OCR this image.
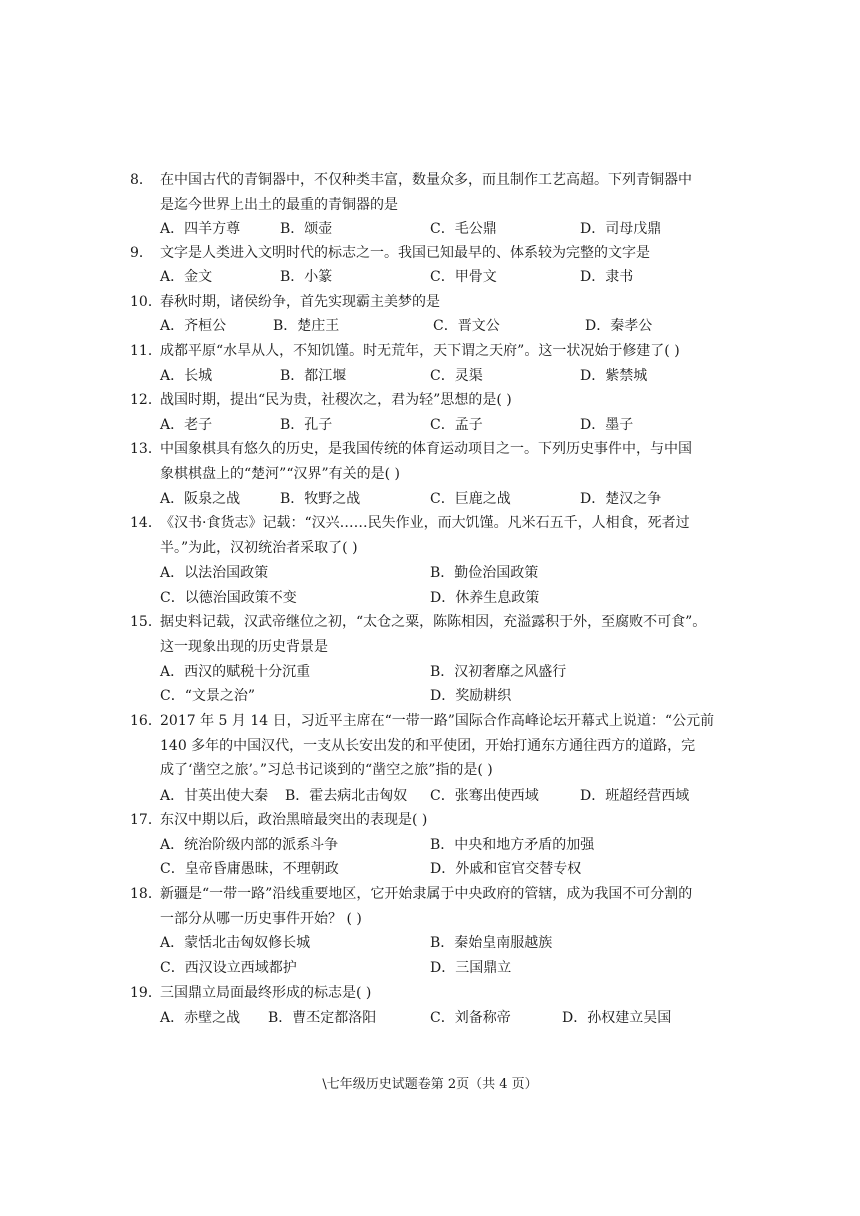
8． 在中国古代的青铜器中，不仅种类丰富，数量众多，而且制作工艺高超。下列青铜器中
是迄今世界上出土的最重的青铜器的是
A．四羊方尊	B．颂壶	C．毛公鼎	D．司母戊鼎
9． 文字是人类进入文明时代的标志之一。我国已知最早的、体系较为完整的文字是
A．金文	B．小篆	C．甲骨文	D．隶书
10．春秋时期，诸侯纷争，首先实现霸主美梦的是
A．齐桓公	B．楚庄王	C．晋文公	D．秦孝公
11．成都平原“水旱从人，不知饥馑。时无荒年，天下谓之天府”。这一状况始于修建了( )
A．长城	B．都江堰	C．灵渠	D．紫禁城
12．战国时期，提出“民为贵，社稷次之，君为轻”思想的是( )
A．老子	B．孔子	C．孟子	D．墨子
13．中国象棋具有悠久的历史，是我国传统的体育运动项目之一。下列历史事件中，与中国
象棋棋盘上的“楚河”“汉界”有关的是( )
A．阪泉之战	B．牧野之战	C．巨鹿之战	D．楚汉之争
14．《汉书·食货志》记载：“汉兴……民失作业，而大饥馑。凡米石五千，人相食，死者过
半。”为此，汉初统治者采取了( )
A．以法治国政策	B．勤俭治国政策
C．以德治国政策不变	D．休养生息政策
15．据史料记载，汉武帝继位之初，“太仓之粟，陈陈相因，充溢露积于外，至腐败不可食”。
这一现象出现的历史背景是
A．西汉的赋税十分沉重	B．汉初奢靡之风盛行
C．“文景之治”	D．奖励耕织
16．2017 年 5 月 14 日，习近平主席在“一带一路”国际合作高峰论坛开幕式上说道：“公元前
140 多年的中国汉代，一支从长安出发的和平使团，开始打通东方通往西方的道路，完
成了‘凿空之旅’。”习总书记谈到的“凿空之旅”指的是( )
A．甘英出使大秦 B．霍去病北击匈奴 C．张骞出使西域	D．班超经营西域
17．东汉中期以后，政治黑暗最突出的表现是( )
A．统治阶级内部的派系斗争	B．中央和地方矛盾的加强
C．皇帝昏庸愚昧，不理朝政	D．外戚和宦官交替专权
18．新疆是“一带一路”沿线重要地区，它开始隶属于中央政府的管辖，成为我国不可分割的
一部分从哪一历史事件开始？ ( )
A．蒙恬北击匈奴修长城	B．秦始皇南服越族
C．西汉设立西域都护	D．三国鼎立
19．三国鼎立局面最终形成的标志是( )
A．赤壁之战 B．曹丕定都洛阳	C．刘备称帝	D．孙权建立吴国
\七年级历史试题卷第 2页（共 4 页）
